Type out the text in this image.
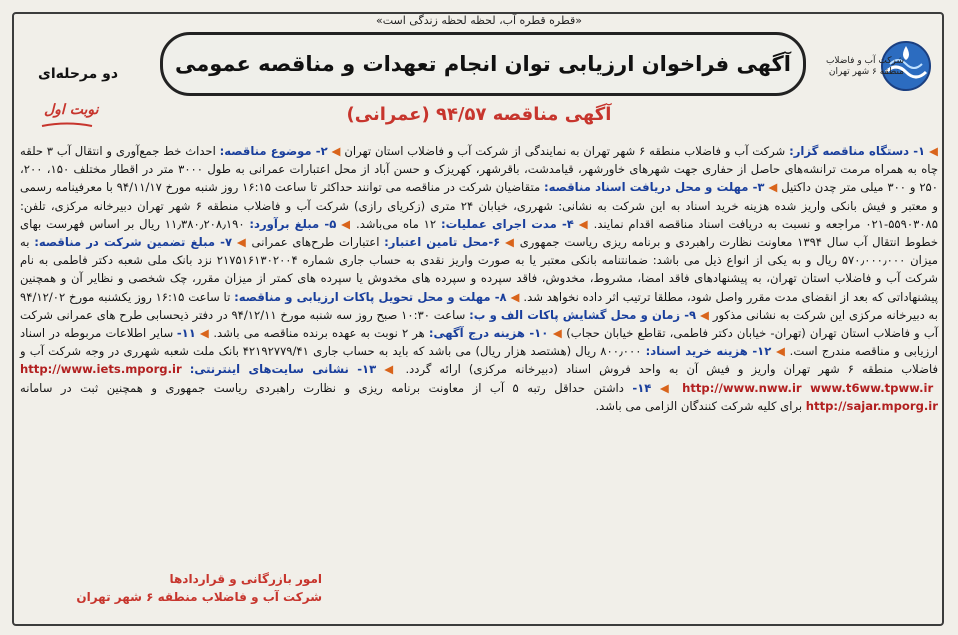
«قطره قطره آب، لحظه لحظه زندگی است»
شرکت آب و فاضلاب
منطقه ۶ شهر تهران
آگهی فراخوان ارزیابی توان انجام تعهدات و مناقصه عمومی
دو مرحله‌ای
آگهی مناقصه ۹۴/۵۷ (عمرانی)
نوبت اول

◀ ۱- دستگاه مناقصه گزار: شرکت آب و فاضلاب منطقه ۶ شهر تهران به نمایندگی از شرکت آب و فاضلاب استان تهران ◀ ۲- موضوع مناقصه: احداث خط جمع‌آوری و انتقال آب ۳ حلقه چاه به همراه مرمت ترانشه‌های حاصل از حفاری جهت شهرهای خاورشهر، قیامدشت، باقرشهر، کهریزک و حسن آباد از محل اعتبارات عمرانی به طول ۳۰۰۰ متر در اقطار مختلف ۱۵۰، ۲۰۰، ۲۵۰ و ۳۰۰ میلی متر چدن داکتیل ◀ ۳- مهلت و محل دریافت اسناد مناقصه: متقاضیان شرکت در مناقصه می توانند حداکثر تا ساعت ۱۶:۱۵ روز شنبه مورخ ۹۴/۱۱/۱۷ با معرفینامه رسمی و معتبر و فیش بانکی واریز شده هزینه خرید اسناد به این شرکت به نشانی: شهرری، خیابان ۲۴ متری (زکریای رازی) شرکت آب و فاضلاب منطقه ۶ شهر تهران دبیرخانه مرکزی، تلفن: ۵۵۹۰۳۰۸۵-۰۲۱ مراجعه و نسبت به دریافت اسناد مناقصه اقدام نمایند. ◀ ۴- مدت اجرای عملیات: ۱۲ ماه می‌باشد. ◀ ۵- مبلغ برآورد: ۱۱٫۳۸۰٫۲۰۸٫۱۹۰ ریال بر اساس فهرست بهای خطوط انتقال آب سال ۱۳۹۴ معاونت نظارت راهبردی و برنامه ریزی ریاست جمهوری ◀ ۶-محل تامین اعتبار: اعتبارات طرح‌های عمرانی ◀ ۷- مبلغ تضمین شرکت در مناقصه: به میزان ۵۷۰٫۰۰۰٫۰۰۰ ریال و به یکی از انواع ذیل می باشد: ضمانتنامه بانکی معتبر یا به صورت واریز نقدی به حساب جاری شماره ۲۱۷۵۱۶۱۳۰۲۰۰۴ نزد بانک ملی شعبه دکتر فاطمی به نام شرکت آب و فاضلاب استان تهران، به پیشنهادهای فاقد امضا، مشروط، مخدوش، فاقد سپرده و سپرده های مخدوش یا سپرده های کمتر از میزان مقرر، چک شخصی و نظایر آن و همچنین پیشنهاداتی که بعد از انقضای مدت مقرر واصل شود، مطلقا ترتیب اثر داده نخواهد شد. ◀ ۸- مهلت و محل تحویل پاکات ارزیابی و مناقصه: تا ساعت ۱۶:۱۵ روز یکشنبه مورخ ۹۴/۱۲/۰۲ به دبیرخانه مرکزی این شرکت به نشانی مذکور ◀ ۹- زمان و محل گشایش پاکات الف و ب: ساعت ۱۰:۳۰ صبح روز سه شنبه مورخ ۹۴/۱۲/۱۱ در دفتر ذیحسابی طرح های عمرانی شرکت آب و فاضلاب استان تهران (تهران- خیابان دکتر فاطمی، تقاطع خیابان حجاب) ◀ ۱۰- هزینه درج آگهی: هر ۲ نوبت به عهده برنده مناقصه می باشد. ◀ ۱۱- سایر اطلاعات مربوطه در اسناد ارزیابی و مناقصه مندرج است. ◀ ۱۲- هزینه خرید اسناد: ۸۰۰٫۰۰۰ ریال (هشتصد هزار ریال) می باشد که باید به حساب جاری ۴۲۱۹۲۷۷۹/۴۱ بانک ملت شعبه شهرری در وجه شرکت آب و فاضلاب منطقه ۶ شهر تهران واریز و فیش آن به واحد فروش اسناد (دبیرخانه مرکزی) ارائه گردد. ◀ ۱۳- نشانی سایت‌های اینترنتی: http://www.iets.mporg.ir www.t6ww.tpww.ir http://www.nww.ir ◀ ۱۴- داشتن حداقل رتبه ۵ آب از معاونت برنامه ریزی و نظارت راهبردی ریاست جمهوری و همچنین ثبت در سامانه http://sajar.mporg.ir برای کلیه شرکت کنندگان الزامی می باشد.

امور بازرگانی و قراردادها
شرکت آب و فاضلاب منطقه ۶ شهر تهران
